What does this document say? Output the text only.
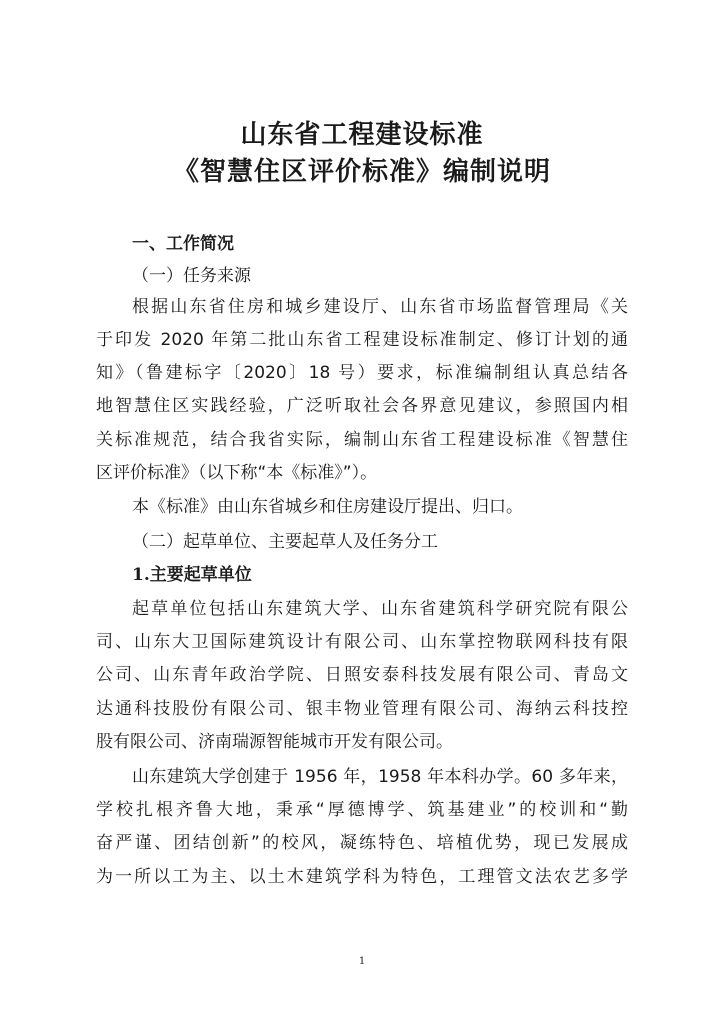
山东省工程建设标准
《智慧住区评价标准》编制说明
一、工作简况
（一）任务来源
根据山东省住房和城乡建设厅、山东省市场监督管理局《关
于印发 2020 年第二批山东省工程建设标准制定、修订计划的通
知》（鲁建标字〔2020〕18 号）要求，标准编制组认真总结各
地智慧住区实践经验，广泛听取社会各界意见建议，参照国内相
关标准规范，结合我省实际，编制山东省工程建设标准《智慧住
区评价标准》（以下称“本《标准》”）。
本《标准》由山东省城乡和住房建设厅提出、归口。
（二）起草单位、主要起草人及任务分工
1.主要起草单位
起草单位包括山东建筑大学、山东省建筑科学研究院有限公
司、山东大卫国际建筑设计有限公司、山东掌控物联网科技有限
公司、山东青年政治学院、日照安泰科技发展有限公司、青岛文
达通科技股份有限公司、银丰物业管理有限公司、海纳云科技控
股有限公司、济南瑞源智能城市开发有限公司。
山东建筑大学创建于 1956 年，1958 年本科办学。60 多年来，
学校扎根齐鲁大地，秉承“厚德博学、筑基建业”的校训和“勤
奋严谨、团结创新”的校风，凝练特色、培植优势，现已发展成
为一所以工为主、以土木建筑学科为特色，工理管文法农艺多学
1
